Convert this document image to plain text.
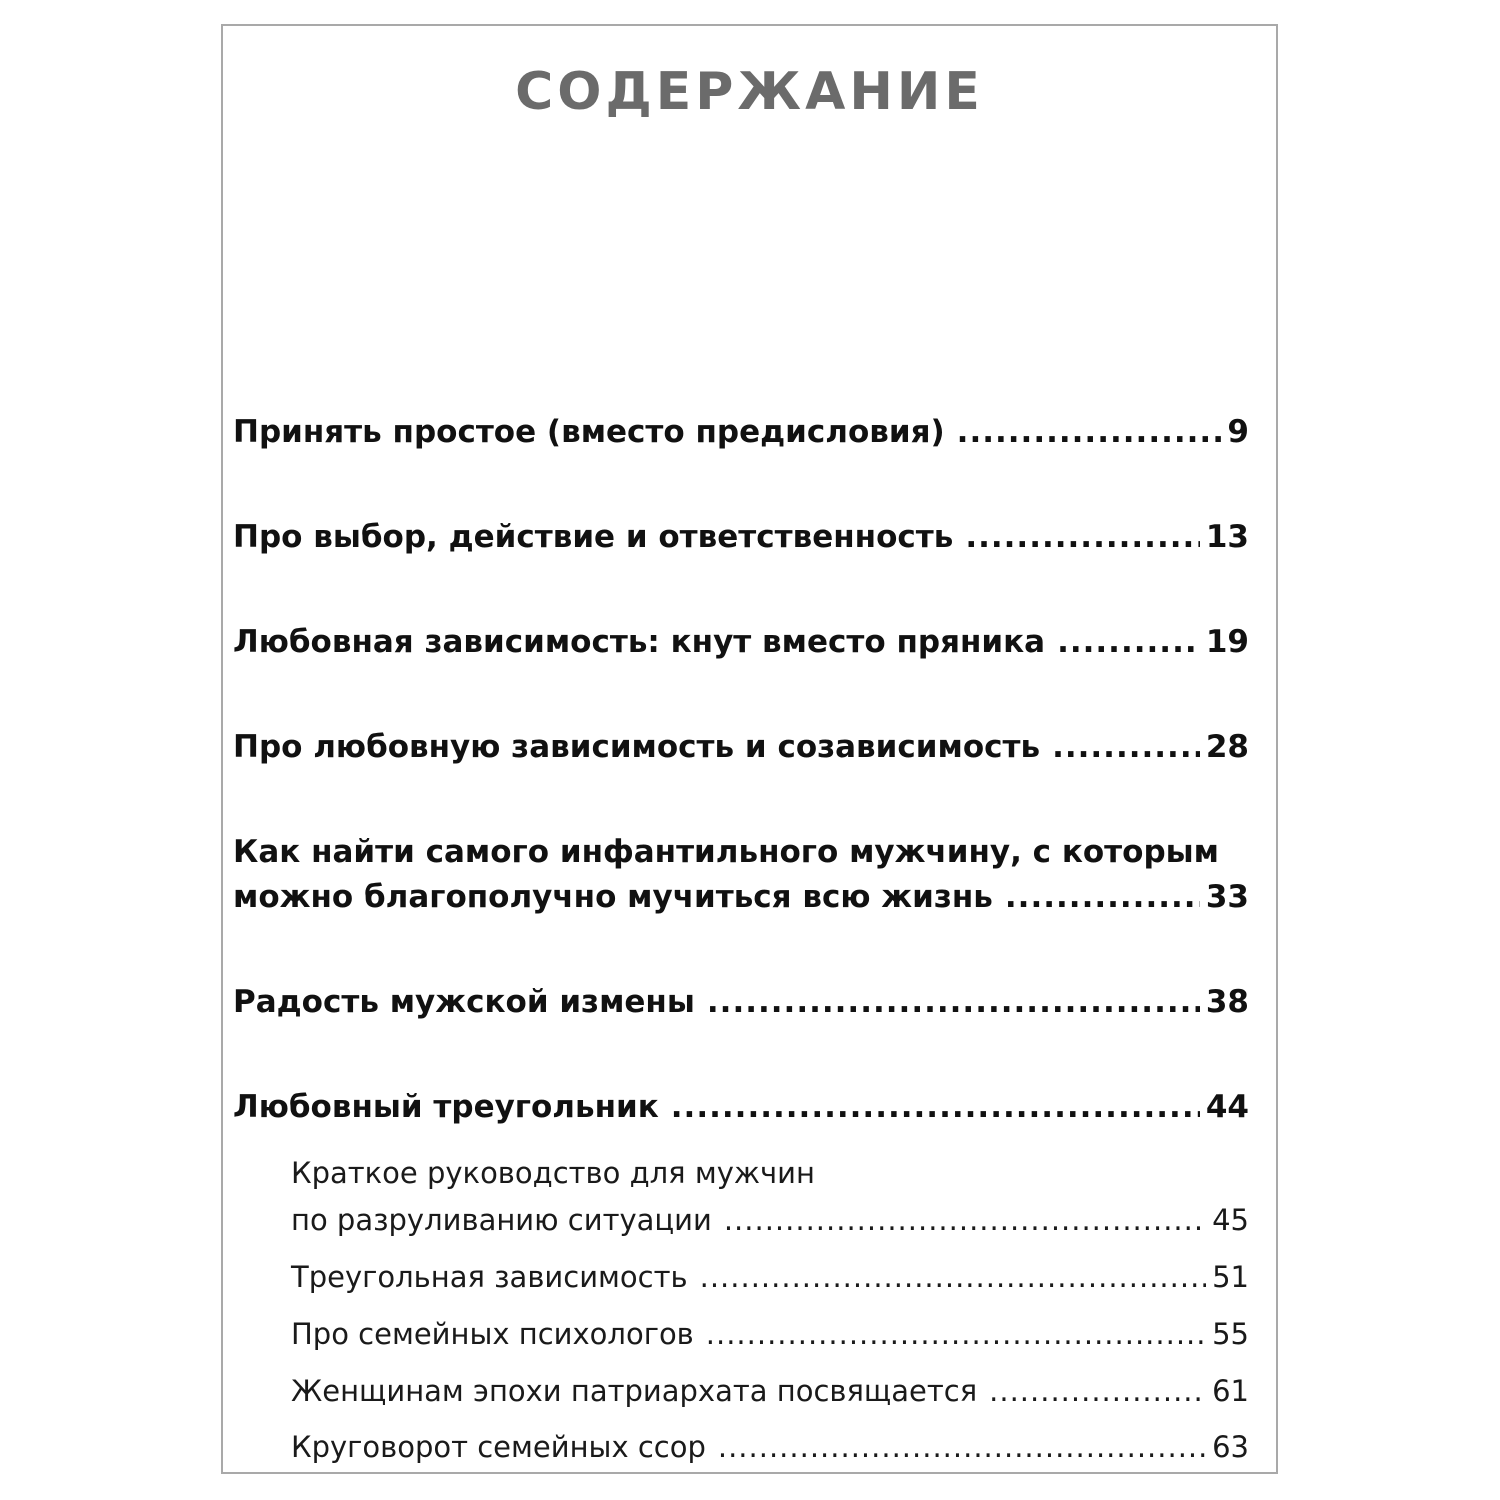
СОДЕРЖАНИЕ
Принять простое (вместо предисловия) .....	9
Про выбор, действие и ответственность .....	13
Любовная зависимость: кнут вместо пряника .....	19
Про любовную зависимость и созависимость .....	28
Как найти самого инфантильного мужчину, с которым
можно благополучно мучиться всю жизнь .....	33
Радость мужской измены .....	38
Любовный треугольник .....	44
Краткое руководство для мужчин
по разруливанию ситуации .....	45
Треугольная зависимость .....	51
Про семейных психологов .....	55
Женщинам эпохи патриархата посвящается .....	61
Круговорот семейных ссор .....	63
